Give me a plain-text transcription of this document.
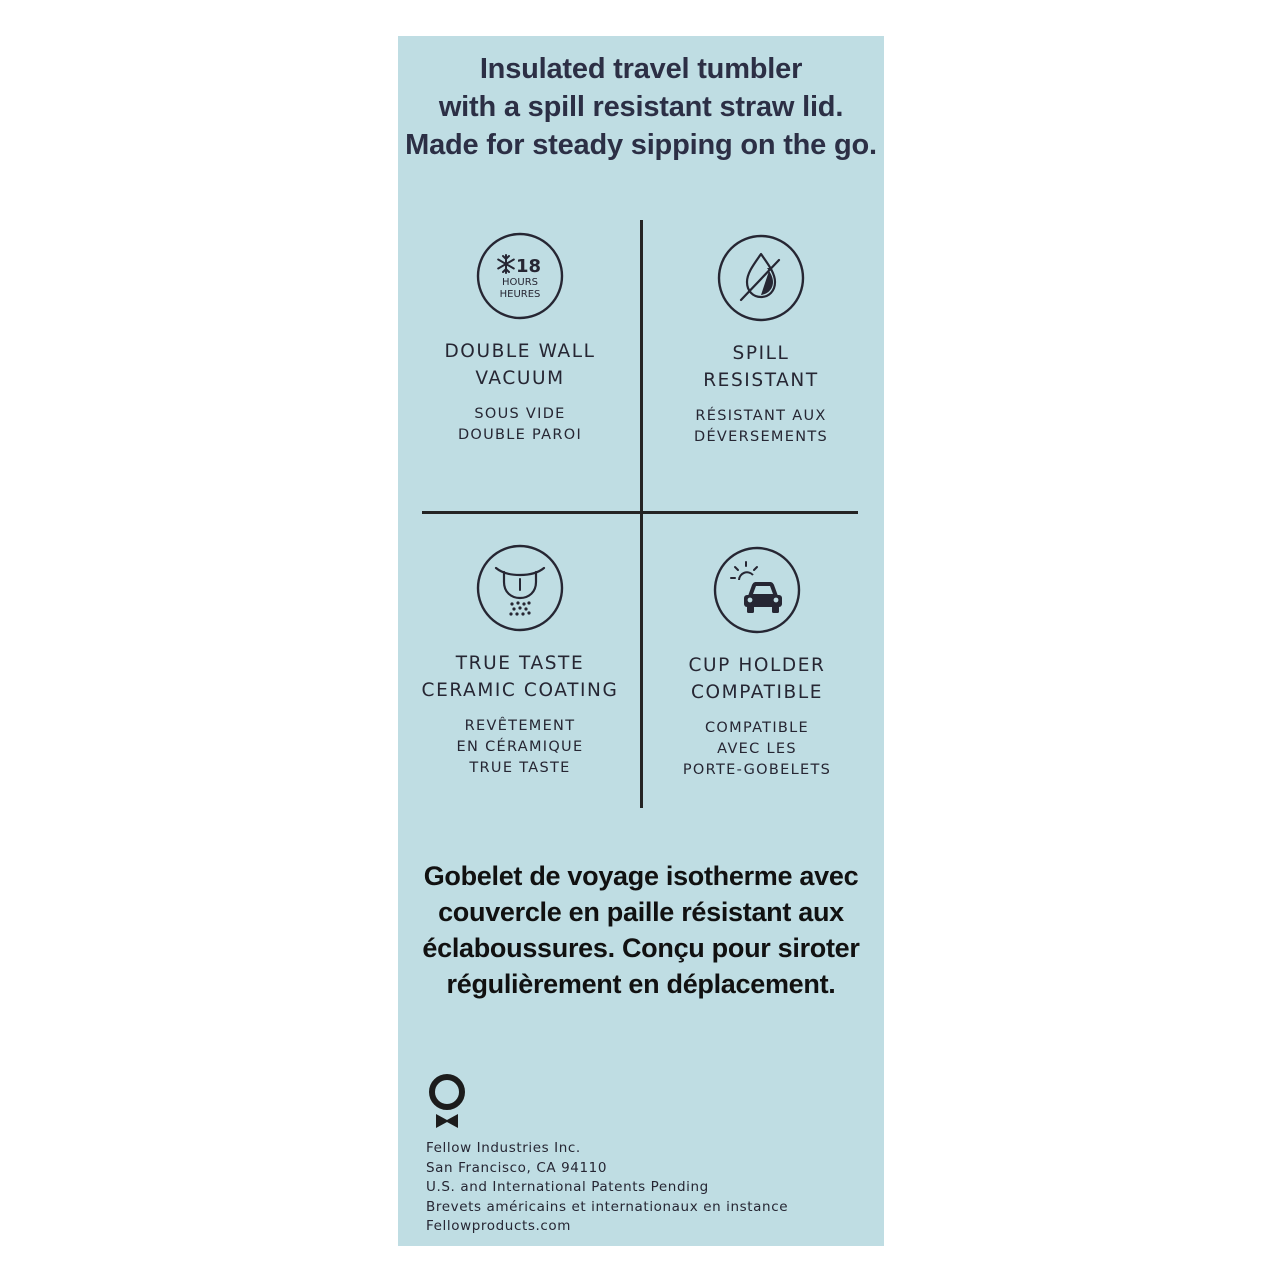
Insulated travel tumbler
with a spill resistant straw lid.
Made for steady sipping on the go.
18
HOURS
HEURES
DOUBLE WALL
VACUUM
SOUS VIDE
DOUBLE PAROI
SPILL
RESISTANT
RÉSISTANT AUX
DÉVERSEMENTS
TRUE TASTE
CERAMIC COATING
REVÊTEMENT
EN CÉRAMIQUE
TRUE TASTE
CUP HOLDER
COMPATIBLE
COMPATIBLE
AVEC LES
PORTE-GOBELETS
Gobelet de voyage isotherme avec
couvercle en paille résistant aux
éclaboussures. Conçu pour siroter
régulièrement en déplacement.
Fellow Industries Inc.
San Francisco, CA 94110
U.S. and International Patents Pending
Brevets américains et internationaux en instance
Fellowproducts.com
